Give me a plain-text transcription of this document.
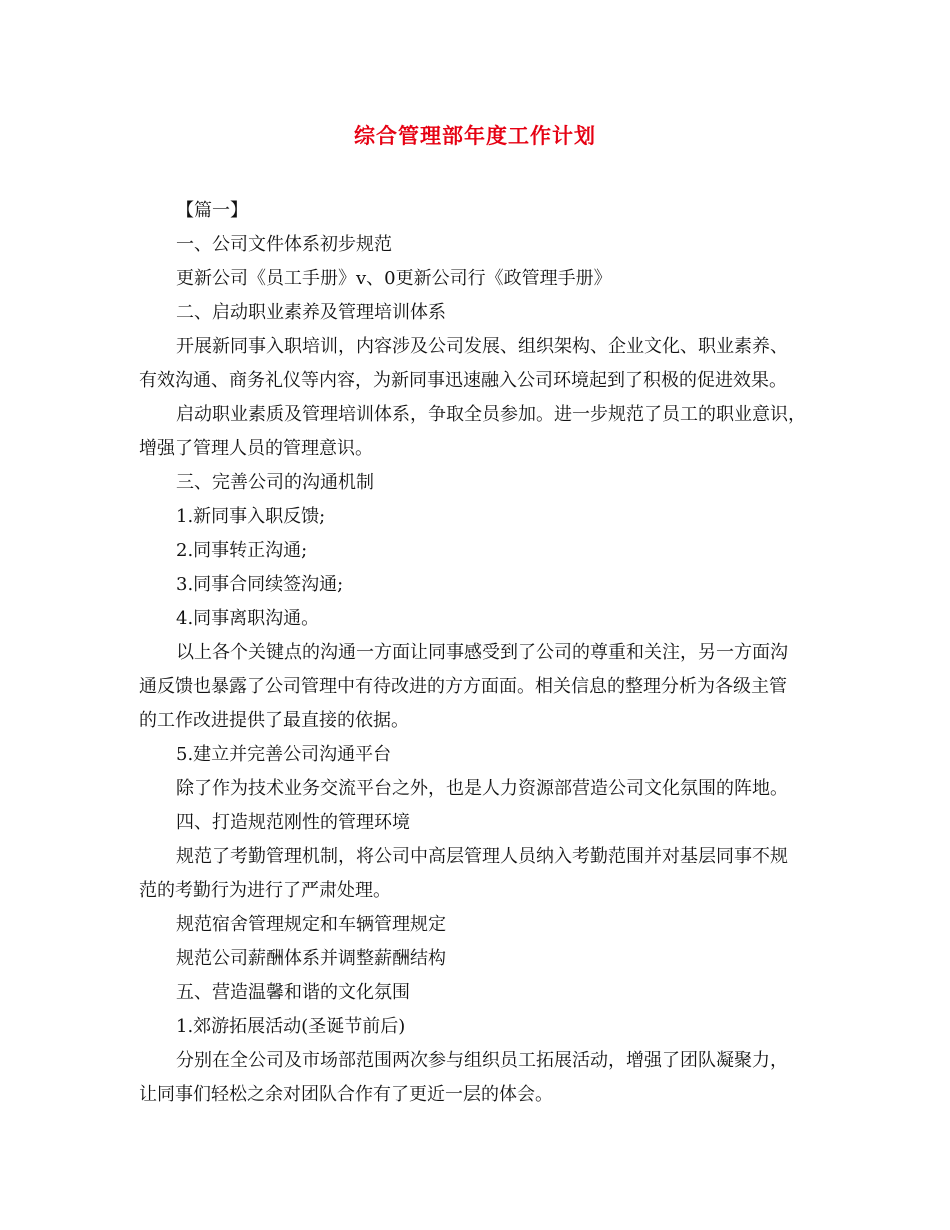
综合管理部年度工作计划
【篇一】
一、公司文件体系初步规范
更新公司《员工手册》v、0更新公司行《政管理手册》
二、启动职业素养及管理培训体系
开展新同事入职培训，内容涉及公司发展、组织架构、企业文化、职业素养、
有效沟通、商务礼仪等内容，为新同事迅速融入公司环境起到了积极的促进效果。
启动职业素质及管理培训体系，争取全员参加。进一步规范了员工的职业意识，
增强了管理人员的管理意识。
三、完善公司的沟通机制
1.新同事入职反馈;
2.同事转正沟通;
3.同事合同续签沟通;
4.同事离职沟通。
以上各个关键点的沟通一方面让同事感受到了公司的尊重和关注，另一方面沟
通反馈也暴露了公司管理中有待改进的方方面面。相关信息的整理分析为各级主管
的工作改进提供了最直接的依据。
5.建立并完善公司沟通平台
除了作为技术业务交流平台之外，也是人力资源部营造公司文化氛围的阵地。
四、打造规范刚性的管理环境
规范了考勤管理机制，将公司中高层管理人员纳入考勤范围并对基层同事不规
范的考勤行为进行了严肃处理。
规范宿舍管理规定和车辆管理规定
规范公司薪酬体系并调整薪酬结构
五、营造温馨和谐的文化氛围
1.郊游拓展活动(圣诞节前后)
分别在全公司及市场部范围两次参与组织员工拓展活动，增强了团队凝聚力，
让同事们轻松之余对团队合作有了更近一层的体会。
